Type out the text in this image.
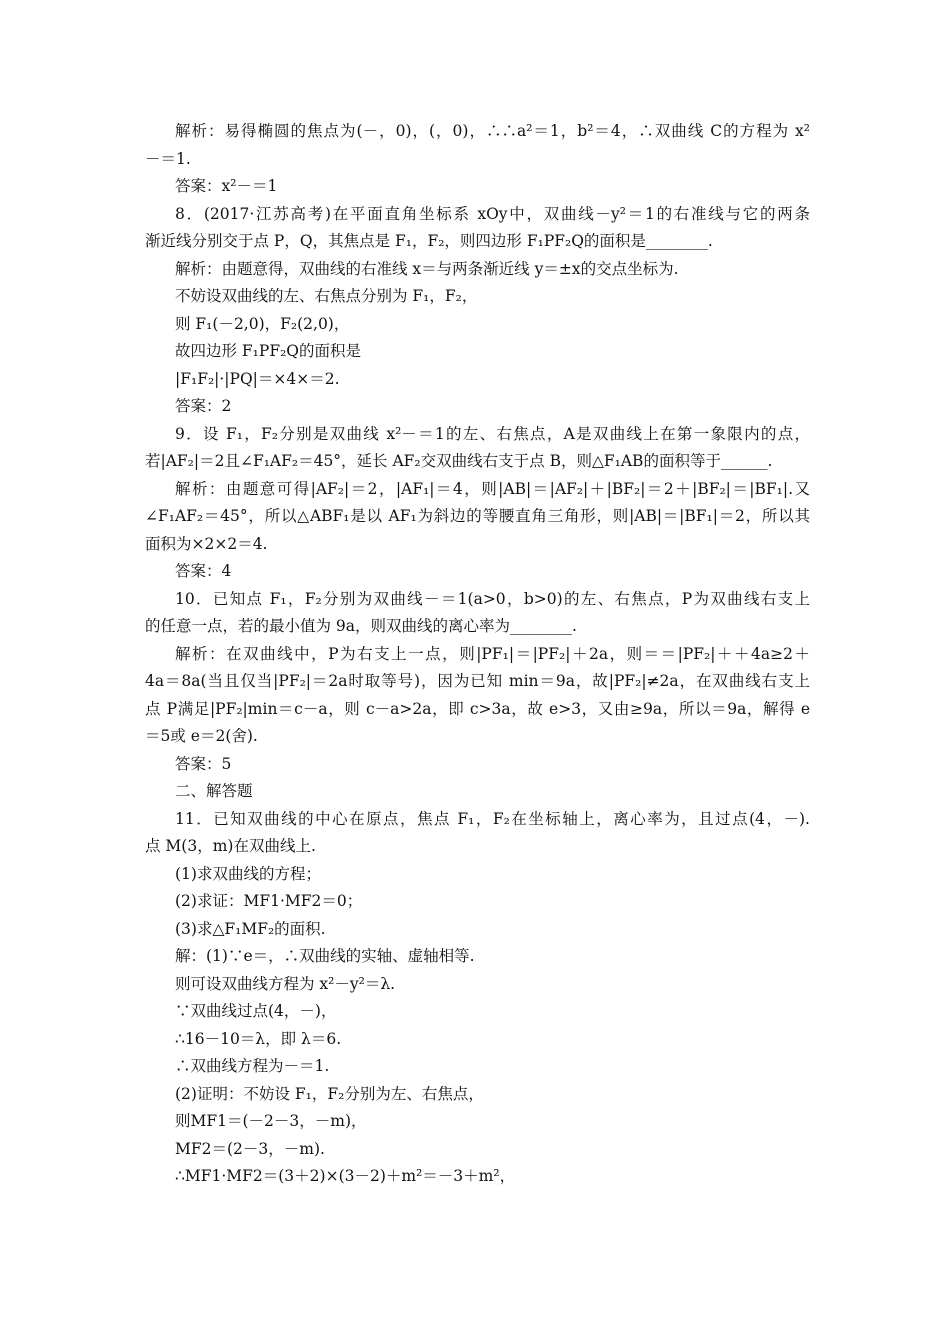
解析：易得椭圆的焦点为(－，0)，(，0)，∴∴a²＝1，b²＝4，∴双曲线 C的方程为 x²
－＝1.
答案：x²－＝1
8．(2017·江苏高考)在平面直角坐标系 xOy中，双曲线－y²＝1的右准线与它的两条
渐近线分别交于点 P，Q，其焦点是 F₁，F₂，则四边形 F₁PF₂Q的面积是________.
解析：由题意得，双曲线的右准线 x＝与两条渐近线 y＝±x的交点坐标为.
不妨设双曲线的左、右焦点分别为 F₁，F₂，
则 F₁(－2,0)，F₂(2,0)，
故四边形 F₁PF₂Q的面积是
|F₁F₂|·|PQ|＝×4×＝2.
答案：2
9．设 F₁，F₂分别是双曲线 x²－＝1的左、右焦点，A是双曲线上在第一象限内的点，
若|AF₂|＝2且∠F₁AF₂＝45°，延长 AF₂交双曲线右支于点 B，则△F₁AB的面积等于______.
解析：由题意可得|AF₂|＝2，|AF₁|＝4，则|AB|＝|AF₂|＋|BF₂|＝2＋|BF₂|＝|BF₁|.又
∠F₁AF₂＝45°，所以△ABF₁是以 AF₁为斜边的等腰直角三角形，则|AB|＝|BF₁|＝2，所以其
面积为×2×2＝4.
答案：4
10．已知点 F₁，F₂分别为双曲线－＝1(a>0，b>0)的左、右焦点，P为双曲线右支上
的任意一点，若的最小值为 9a，则双曲线的离心率为________.
解析：在双曲线中，P为右支上一点，则|PF₁|＝|PF₂|＋2a，则＝＝|PF₂|＋＋4a≥2＋
4a＝8a(当且仅当|PF₂|＝2a时取等号)，因为已知 min＝9a，故|PF₂|≠2a，在双曲线右支上
点 P满足|PF₂|min＝c－a，则 c－a>2a，即 c>3a，故 e>3，又由≥9a，所以＝9a，解得 e
＝5或 e＝2(舍).
答案：5
二、解答题
11．已知双曲线的中心在原点，焦点 F₁，F₂在坐标轴上，离心率为，且过点(4，－).
点 M(3，m)在双曲线上.
(1)求双曲线的方程；
(2)求证：MF1·MF2＝0；
(3)求△F₁MF₂的面积.
解：(1)∵e＝，∴双曲线的实轴、虚轴相等.
则可设双曲线方程为 x²－y²＝λ.
∵双曲线过点(4，－)，
∴16－10＝λ，即 λ＝6.
∴双曲线方程为－＝1.
(2)证明：不妨设 F₁，F₂分别为左、右焦点，
则MF1＝(－2－3，－m)，
MF2＝(2－3，－m).
∴MF1·MF2＝(3＋2)×(3－2)＋m²＝－3＋m²，
